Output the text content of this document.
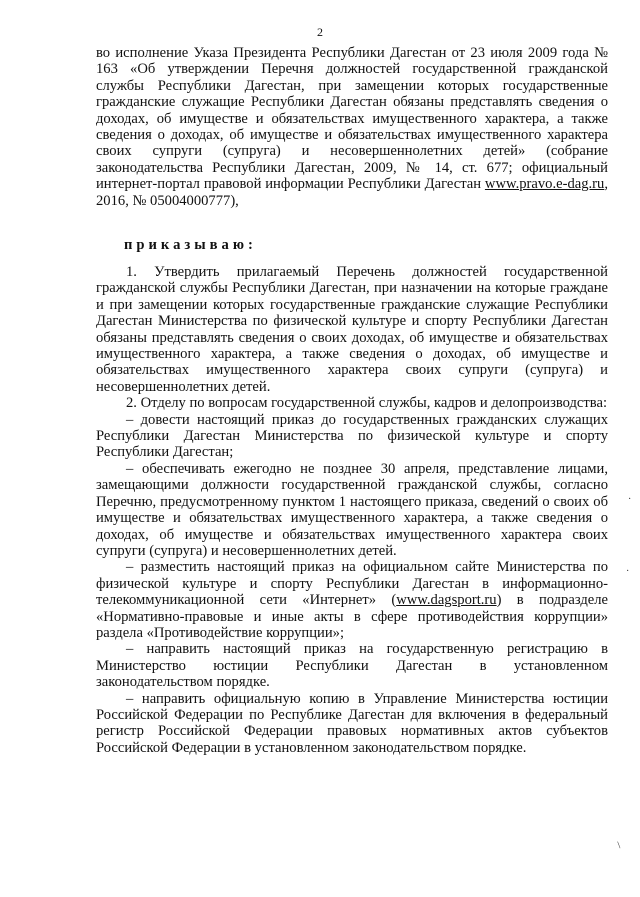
2
во исполнение Указа Президента Республики Дагестан от 23 июля 2009 года № 163 «Об утверждении Перечня должностей государственной гражданской службы Республики Дагестан, при замещении которых государственные гражданские служащие Республики Дагестан обязаны представлять сведения о доходах, об имуществе и обязательствах имущественного характера, а также сведения о доходах, об имуществе и обязательствах имущественного характера своих супруги (супруга) и несовершеннолетних детей» (собрание законодательства Республики Дагестан, 2009, № 14, ст. 677; официальный интернет-портал правовой информации Республики Дагестан www.pravo.e-dag.ru, 2016, № 05004000777),
приказываю:

1. Утвердить прилагаемый Перечень должностей государственной гражданской службы Республики Дагестан, при назначении на которые граждане и при замещении которых государственные гражданские служащие Республики Дагестан Министерства по физической культуре и спорту Республики Дагестан обязаны представлять сведения о своих доходах, об имуществе и обязательствах имущественного характера, а также сведения о доходах, об имуществе и обязательствах имущественного характера своих супруги (супруга) и несовершеннолетних детей.

2. Отделу по вопросам государственной службы, кадров и делопроизводства:

– довести настоящий приказ до государственных гражданских служащих Республики Дагестан Министерства по физической культуре и спорту Республики Дагестан;

– обеспечивать ежегодно не позднее 30 апреля, представление лицами, замещающими должности государственной гражданской службы, согласно Перечню, предусмотренному пунктом 1 настоящего приказа, сведений о своих об имуществе и обязательствах имущественного характера, а также сведения о доходах, об имуществе и обязательствах имущественного характера своих супруги (супруга) и несовершеннолетних детей.

– разместить настоящий приказ на официальном сайте Министерства по физической культуре и спорту Республики Дагестан в информационно-телекоммуникационной сети «Интернет» (www.dagsport.ru) в подразделе «Нормативно-правовые и иные акты в сфере противодействия коррупции» раздела «Противодействие коррупции»;

– направить настоящий приказ на государственную регистрацию в Министерство юстиции Республики Дагестан в установленном законодательством порядке.

– направить официальную копию в Управление Министерства юстиции Российской Федерации по Республике Дагестан для включения в федеральный регистр Российской Федерации правовых нормативных актов субъектов Российской Федерации в установленном законодательством порядке.

·
·
/
